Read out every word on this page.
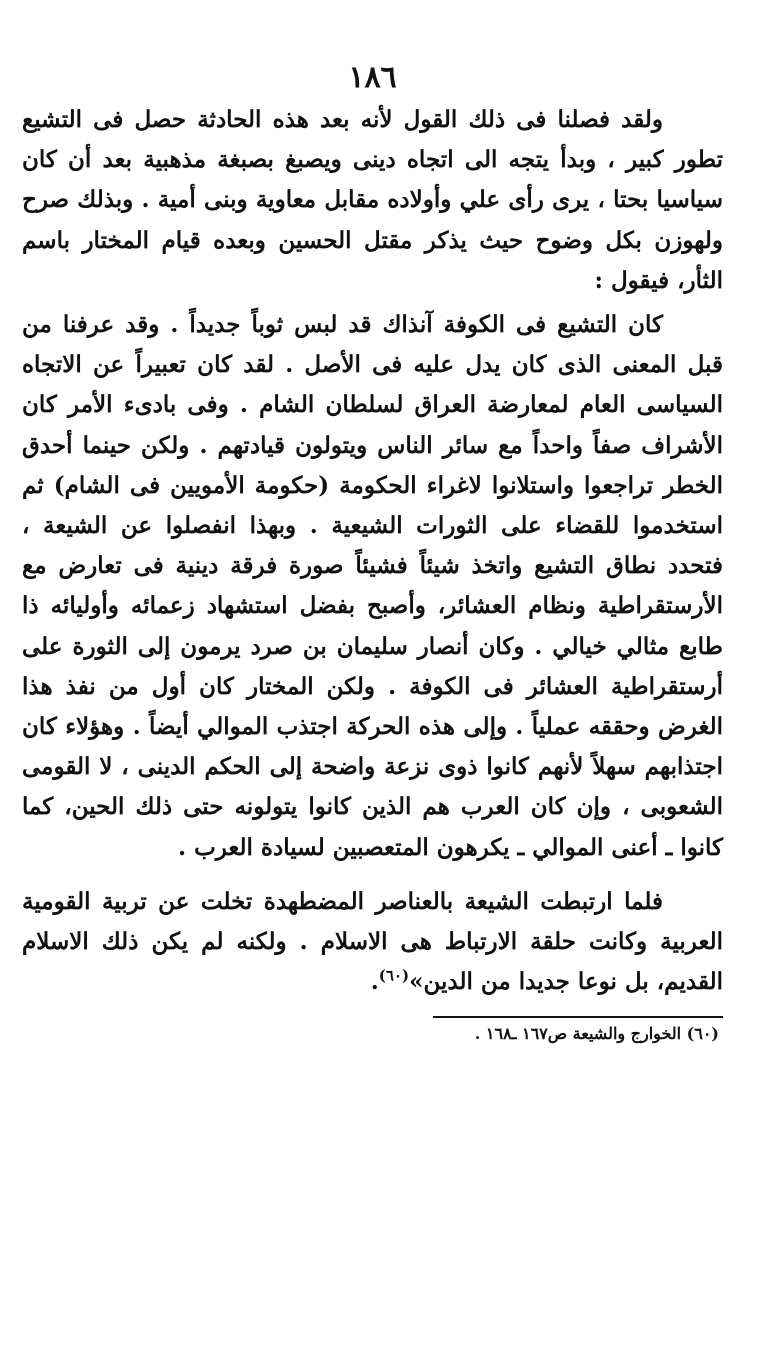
١٨٦

ولقد فصلنا فى ذلك القول لأنه بعد هذه الحادثة حصل فى التشيع تطور كبير ، وبدأ يتجه الى اتجاه دينى ويصبغ بصبغة مذهبية بعد أن كان سياسيا بحتا ، يرى رأى علي وأولاده مقابل معاوية وبنى أمية . وبذلك صرح ولهوزن بكل وضوح حيث يذكر مقتل الحسين وبعده قيام المختار باسم الثأر، فيقول :

كان التشيع فى الكوفة آنذاك قد لبس ثوباً جديداً . وقد عرفنا من قبل المعنى الذى كان يدل عليه فى الأصل . لقد كان تعبيراً عن الاتجاه السياسى العام لمعارضة العراق لسلطان الشام . وفى بادىء الأمر كان الأشراف صفاً واحداً مع سائر الناس ويتولون قيادتهم . ولكن حينما أحدق الخطر تراجعوا واستلانوا لاغراء الحكومة (حكومة الأمويين فى الشام) ثم استخدموا للقضاء على الثورات الشيعية . وبهذا انفصلوا عن الشيعة ، فتحدد نطاق التشيع واتخذ شيئاً فشيئاً صورة فرقة دينية فى تعارض مع الأرستقراطية ونظام العشائر، وأصبح بفضل استشهاد زعمائه وأوليائه ذا طابع مثالي خيالي . وكان أنصار سليمان بن صرد يرمون إلى الثورة على أرستقراطية العشائر فى الكوفة . ولكن المختار كان أول من نفذ هذا الغرض وحققه عملياً . وإلى هذه الحركة اجتذب الموالي أيضاً . وهؤلاء كان اجتذابهم سهلاً لأنهم كانوا ذوى نزعة واضحة إلى الحكم الدينى ، لا القومى الشعوبى ، وإن كان العرب هم الذين كانوا يتولونه حتى ذلك الحين، كما كانوا ـ أعنى الموالي ـ يكرهون المتعصبين لسيادة العرب .

فلما ارتبطت الشيعة بالعناصر المضطهدة تخلت عن تربية القومية العربية وكانت حلقة الارتباط هى الاسلام . ولكنه لم يكن ذلك الاسلام القديم، بل نوعا جديدا من الدين»$^{(٦٠)}$.

(٦٠) الخوارج والشيعة ص١٦٧ ـ١٦٨ .
